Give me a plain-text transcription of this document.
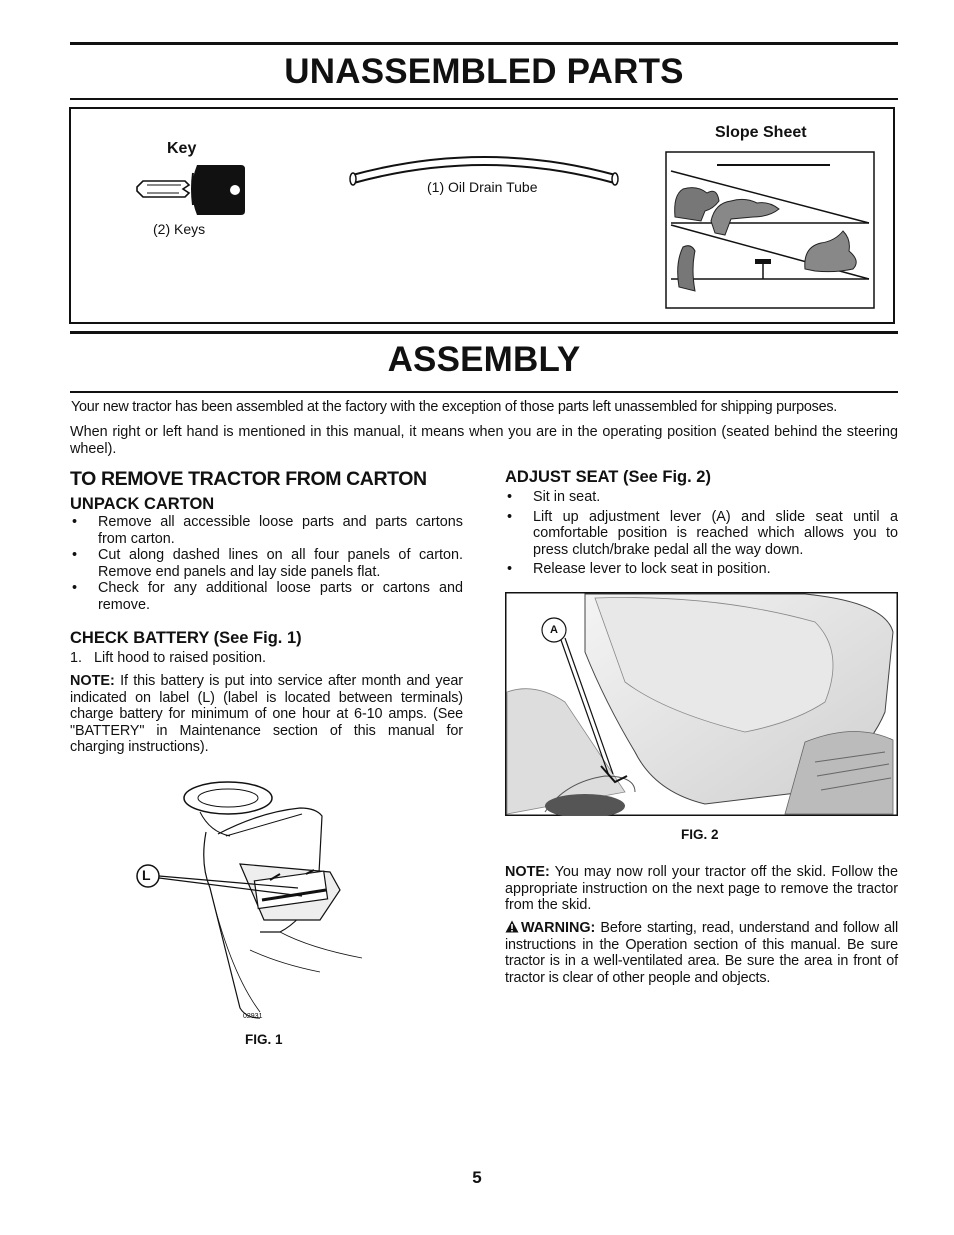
UNASSEMBLED PARTS
Key
(2) Keys
(1) Oil Drain Tube
Slope Sheet
ASSEMBLY
Your new tractor has been assembled at the factory with the exception of those parts left unassembled for shipping purposes.
When right or left hand is mentioned in this manual, it means when you are in the operating position (seated behind the steering wheel).
TO REMOVE TRACTOR FROM CARTON
UNPACK CARTON
• Remove all accessible loose parts and parts cartons from carton.
• Cut along dashed lines on all four panels of carton. Remove end panels and lay side panels flat.
• Check for any additional loose parts or cartons and remove.
CHECK BATTERY (See Fig. 1)
1.   Lift hood to raised position.
NOTE: If this battery is put into service after month and year indicated on label (L) (label is located between terminals) charge battery for minimum of one hour at 6-10 amps. (See "BATTERY" in Maintenance section of this manual for charging instructions).
L
02931
FIG. 1
ADJUST SEAT (See Fig. 2)
• Sit in seat.
• Lift up adjustment lever (A) and slide seat until a comfortable position is reached which allows you to press clutch/brake pedal all the way down.
• Release lever to lock seat in position.
A
FIG. 2
NOTE: You may now roll your tractor off the skid. Follow the appropriate instruction on the next page to remove the tractor from the skid.
WARNING: Before starting, read, understand and follow all instructions in the Operation section of this manual. Be sure tractor is in a well-ventilated area. Be sure the area in front of tractor is clear of other people and objects.
5
